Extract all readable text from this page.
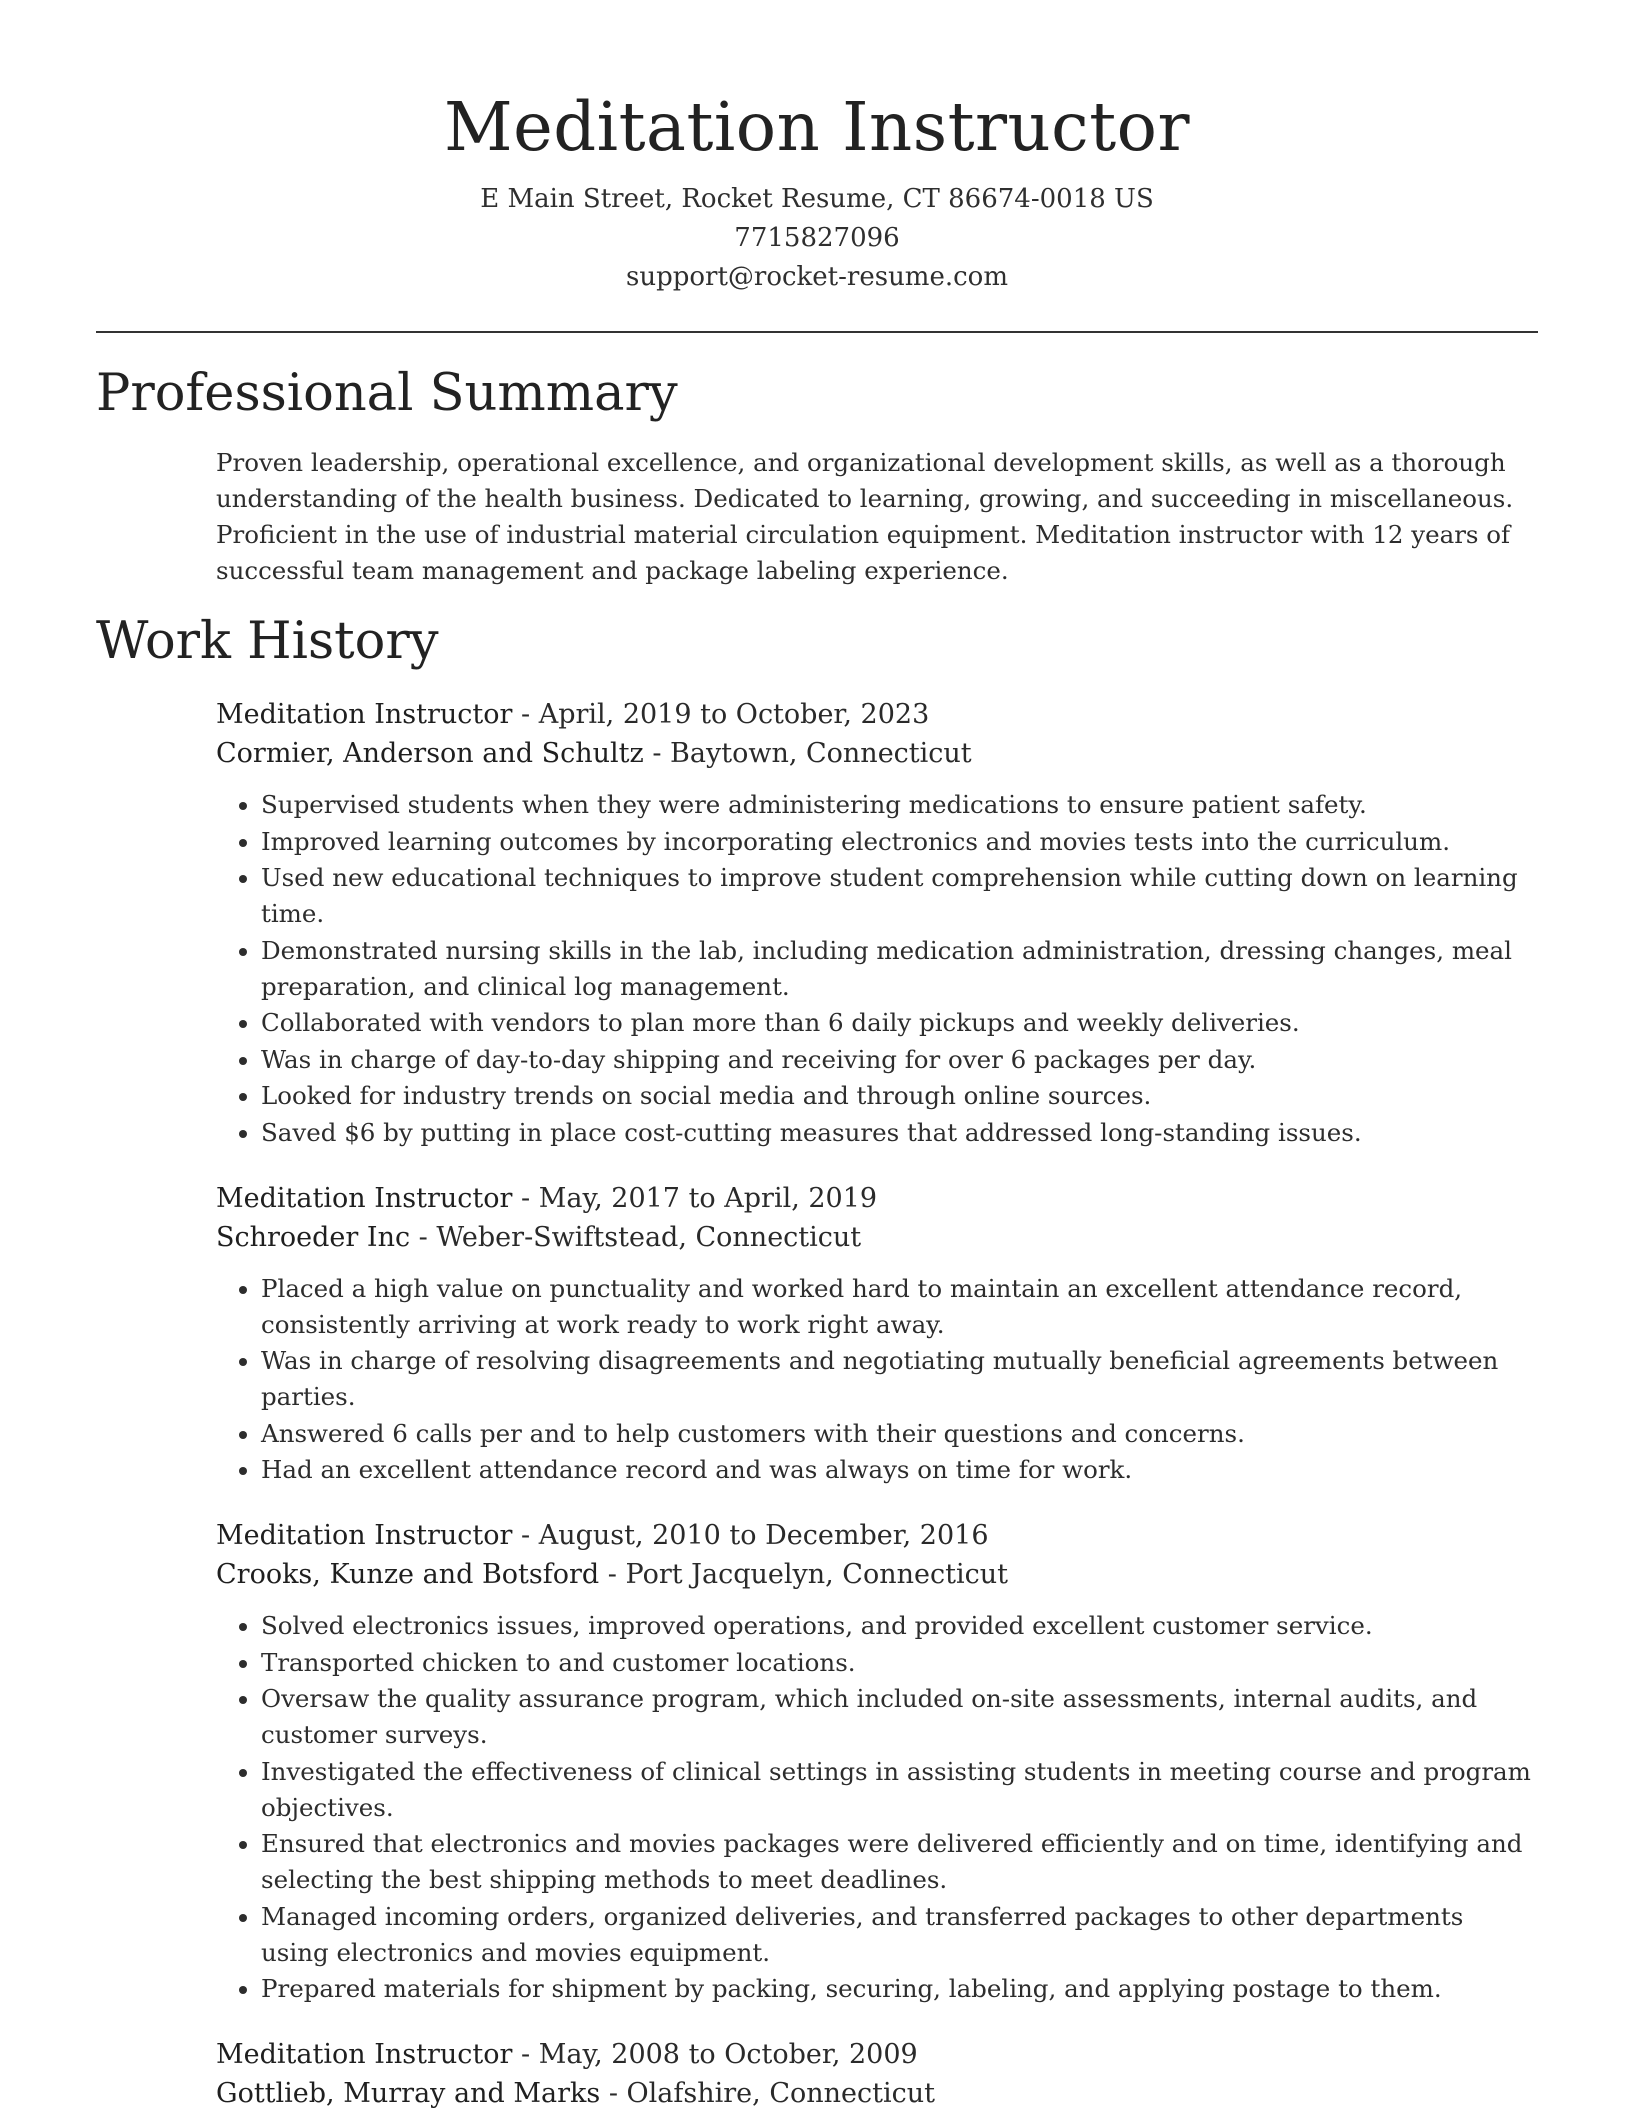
Meditation Instructor
E Main Street, Rocket Resume, CT 86674-0018 US
7715827096
support@rocket-resume.com
Professional Summary

Proven leadership, operational excellence, and organizational development skills, as well as a thorough understanding of the health business. Dedicated to learning, growing, and succeeding in miscellaneous. Proficient in the use of industrial material circulation equipment. Meditation instructor with 12 years of successful team management and package labeling experience.

Work History
Meditation Instructor - April, 2019 to October, 2023
Cormier, Anderson and Schultz - Baytown, Connecticut
• Supervised students when they were administering medications to ensure patient safety.
• Improved learning outcomes by incorporating electronics and movies tests into the curriculum.
• Used new educational techniques to improve student comprehension while cutting down on learning time.
• Demonstrated nursing skills in the lab, including medication administration, dressing changes, meal preparation, and clinical log management.
• Collaborated with vendors to plan more than 6 daily pickups and weekly deliveries.
• Was in charge of day-to-day shipping and receiving for over 6 packages per day.
• Looked for industry trends on social media and through online sources.
• Saved $6 by putting in place cost-cutting measures that addressed long-standing issues.
Meditation Instructor - May, 2017 to April, 2019
Schroeder Inc - Weber-Swiftstead, Connecticut
• Placed a high value on punctuality and worked hard to maintain an excellent attendance record, consistently arriving at work ready to work right away.
• Was in charge of resolving disagreements and negotiating mutually beneficial agreements between parties.
• Answered 6 calls per and to help customers with their questions and concerns.
• Had an excellent attendance record and was always on time for work.
Meditation Instructor - August, 2010 to December, 2016
Crooks, Kunze and Botsford - Port Jacquelyn, Connecticut
• Solved electronics issues, improved operations, and provided excellent customer service.
• Transported chicken to and customer locations.
• Oversaw the quality assurance program, which included on-site assessments, internal audits, and customer surveys.
• Investigated the effectiveness of clinical settings in assisting students in meeting course and program objectives.
• Ensured that electronics and movies packages were delivered efficiently and on time, identifying and selecting the best shipping methods to meet deadlines.
• Managed incoming orders, organized deliveries, and transferred packages to other departments using electronics and movies equipment.
• Prepared materials for shipment by packing, securing, labeling, and applying postage to them.
Meditation Instructor - May, 2008 to October, 2009
Gottlieb, Murray and Marks - Olafshire, Connecticut
